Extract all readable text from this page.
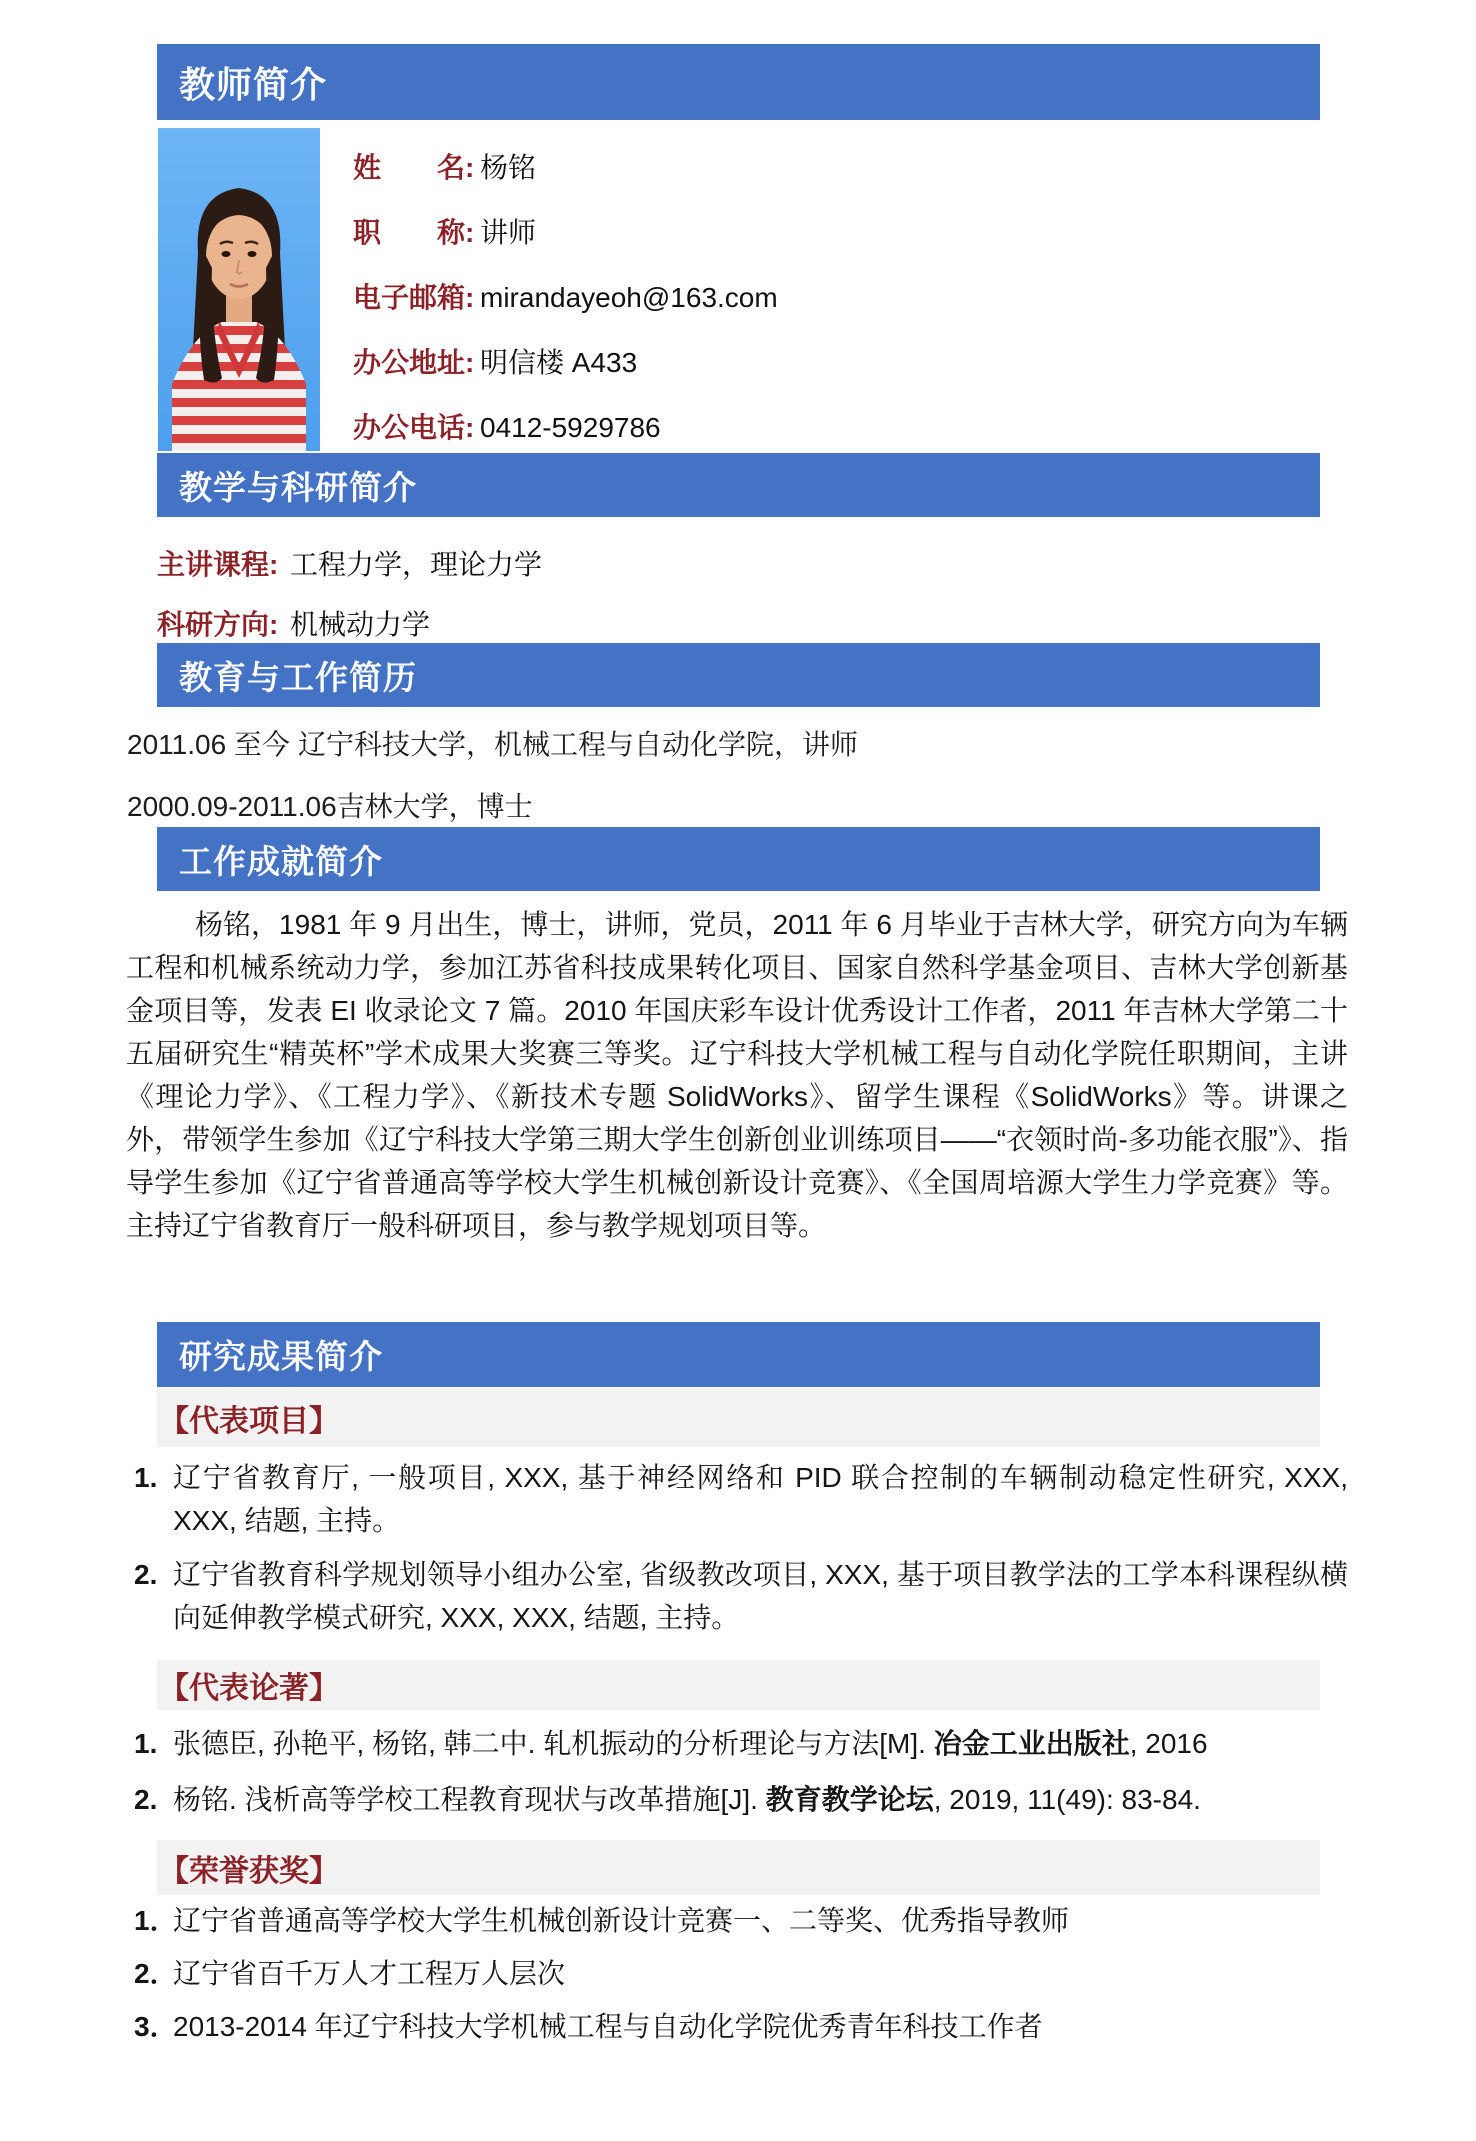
教师简介
姓　　名: 杨铭
职　　称: 讲师
电子邮箱: mirandayeoh@163.com
办公地址: 明信楼 A433
办公电话: 0412-5929786
教学与科研简介
主讲课程: 工程力学，理论力学
科研方向: 机械动力学
教育与工作简历
2011.06 至今 辽宁科技大学，机械工程与自动化学院，讲师
2000.09-2011.06吉林大学，博士
工作成就简介
杨铭，1981 年 9 月出生，博士，讲师，党员，2011 年 6 月毕业于吉林大学，研究方向为车辆工程和机械系统动力学，参加江苏省科技成果转化项目、国家自然科学基金项目、吉林大学创新基金项目等，发表 EI 收录论文 7 篇。2010 年国庆彩车设计优秀设计工作者，2011 年吉林大学第二十五届研究生“精英杯”学术成果大奖赛三等奖。辽宁科技大学机械工程与自动化学院任职期间，主讲《理论力学》、《工程力学》、《新技术专题 SolidWorks》、留学生课程《SolidWorks》等。讲课之外，带领学生参加《辽宁科技大学第三期大学生创新创业训练项目——“衣领时尚-多功能衣服”》、指导学生参加《辽宁省普通高等学校大学生机械创新设计竞赛》、《全国周培源大学生力学竞赛》等。主持辽宁省教育厅一般科研项目，参与教学规划项目等。
研究成果简介
【代表项目】
1. 辽宁省教育厅, 一般项目, XXX, 基于神经网络和 PID 联合控制的车辆制动稳定性研究, XXX, XXX, 结题, 主持。
2. 辽宁省教育科学规划领导小组办公室, 省级教改项目, XXX, 基于项目教学法的工学本科课程纵横向延伸教学模式研究, XXX, XXX, 结题, 主持。
【代表论著】
1. 张德臣, 孙艳平, 杨铭, 韩二中. 轧机振动的分析理论与方法[M]. 冶金工业出版社, 2016
2. 杨铭. 浅析高等学校工程教育现状与改革措施[J]. 教育教学论坛, 2019, 11(49): 83-84.
【荣誉获奖】
1．
辽宁省普通高等学校大学生机械创新设计竞赛一、二等奖、优秀指导教师
2．
辽宁省百千万人才工程万人层次
3．
2013-2014 年辽宁科技大学机械工程与自动化学院优秀青年科技工作者
